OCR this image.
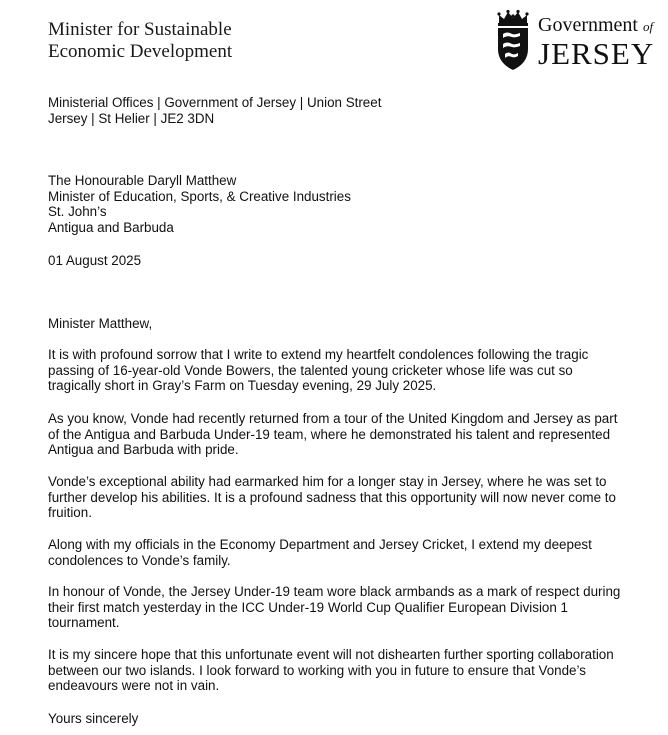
Minister for Sustainable
Economic Development
Government of
JERSEY
Ministerial Offices | Government of Jersey | Union Street
Jersey | St Helier | JE2 3DN
The Honourable Daryll Matthew
Minister of Education, Sports, & Creative Industries
St. John’s
Antigua and Barbuda
01 August 2025
Minister Matthew,
It is with profound sorrow that I write to extend my heartfelt condolences following the tragic
passing of 16-year-old Vonde Bowers, the talented young cricketer whose life was cut so
tragically short in Gray’s Farm on Tuesday evening, 29 July 2025.
As you know, Vonde had recently returned from a tour of the United Kingdom and Jersey as part
of the Antigua and Barbuda Under-19 team, where he demonstrated his talent and represented
Antigua and Barbuda with pride.
Vonde’s exceptional ability had earmarked him for a longer stay in Jersey, where he was set to
further develop his abilities. It is a profound sadness that this opportunity will now never come to
fruition.
Along with my officials in the Economy Department and Jersey Cricket, I extend my deepest
condolences to Vonde’s family.
In honour of Vonde, the Jersey Under-19 team wore black armbands as a mark of respect during
their first match yesterday in the ICC Under-19 World Cup Qualifier European Division 1
tournament.
It is my sincere hope that this unfortunate event will not dishearten further sporting collaboration
between our two islands. I look forward to working with you in future to ensure that Vonde’s
endeavours were not in vain.
Yours sincerely
